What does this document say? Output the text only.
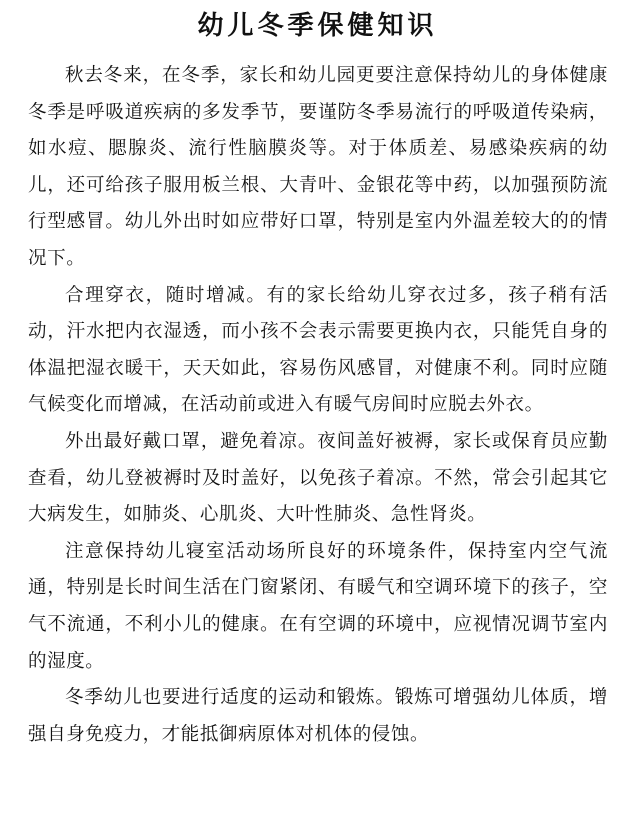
幼儿冬季保健知识

秋去冬来，在冬季，家长和幼儿园更要注意保持幼儿的身体健康冬季是呼吸道疾病的多发季节，要谨防冬季易流行的呼吸道传染病，如水痘、腮腺炎、流行性脑膜炎等。对于体质差、易感染疾病的幼儿，还可给孩子服用板兰根、大青叶、金银花等中药，以加强预防流行型感冒。幼儿外出时如应带好口罩，特别是室内外温差较大的的情况下。

合理穿衣，随时增减。有的家长给幼儿穿衣过多，孩子稍有活动，汗水把内衣湿透，而小孩不会表示需要更换内衣，只能凭自身的体温把湿衣暖干，天天如此，容易伤风感冒，对健康不利。同时应随气候变化而增减，在活动前或进入有暖气房间时应脱去外衣。

外出最好戴口罩，避免着凉。夜间盖好被褥，家长或保育员应勤查看，幼儿登被褥时及时盖好，以免孩子着凉。不然，常会引起其它大病发生，如肺炎、心肌炎、大叶性肺炎、急性肾炎。

注意保持幼儿寝室活动场所良好的环境条件，保持室内空气流通，特别是长时间生活在门窗紧闭、有暖气和空调环境下的孩子，空气不流通，不利小儿的健康。在有空调的环境中，应视情况调节室内的湿度。

冬季幼儿也要进行适度的运动和锻炼。锻炼可增强幼儿体质，增强自身免疫力，才能抵御病原体对机体的侵蚀。
